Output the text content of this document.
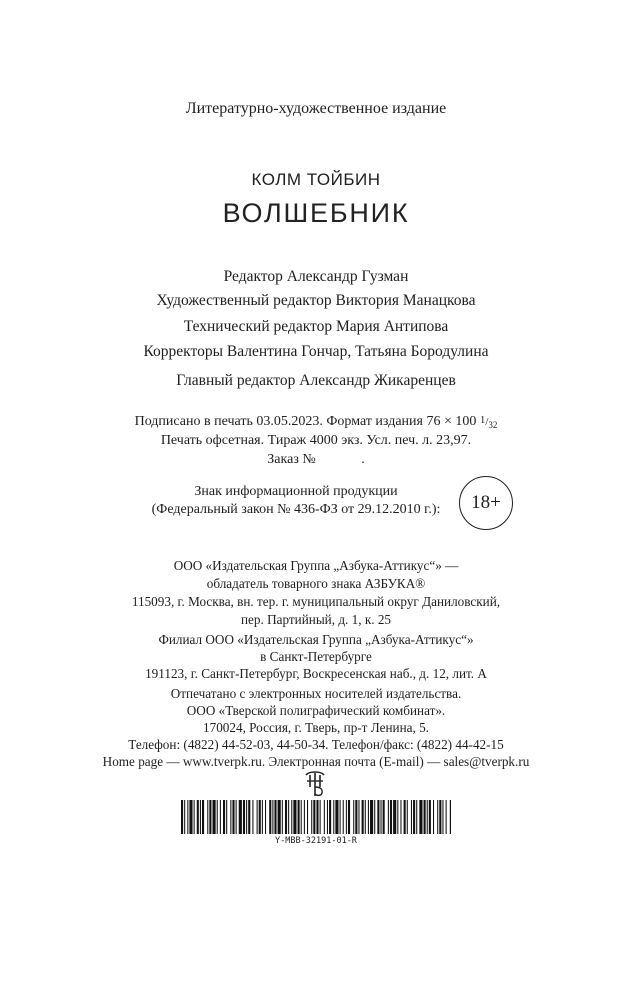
Литературно-художественное издание
КОЛМ ТОЙБИН
ВОЛШЕБНИК
Редактор Александр Гузман
Художественный редактор Виктория Манацкова
Технический редактор Мария Антипова
Корректоры Валентина Гончар, Татьяна Бородулина
Главный редактор Александр Жикаренцев
Подписано в печать 03.05.2023. Формат издания 76 × 100 $^1/_{32}$
Печать офсетная. Тираж 4000 экз. Усл. печ. л. 23,97.
Заказ №             .
Знак информационной продукции
(Федеральный закон № 436-ФЗ от 29.12.2010 г.):	18+
ООО «Издательская Группа „Азбука-Аттикус“» —
обладатель товарного знака АЗБУКА®
115093, г. Москва, вн. тер. г. муниципальный округ Даниловский,
пер. Партийный, д. 1, к. 25
Филиал ООО «Издательская Группа „Азбука-Аттикус“»
в Санкт-Петербурге
191123, г. Санкт-Петербург, Воскресенская наб., д. 12, лит. А
Отпечатано с электронных носителей издательства.
ООО «Тверской полиграфический комбинат».
170024, Россия, г. Тверь, пр-т Ленина, 5.
Телефон: (4822) 44-52-03, 44-50-34. Телефон/факс: (4822) 44-42-15
Home page — www.tverpk.ru. Электронная почта (E-mail) — sales@tverpk.ru
Y-MBB-32191-01-R
